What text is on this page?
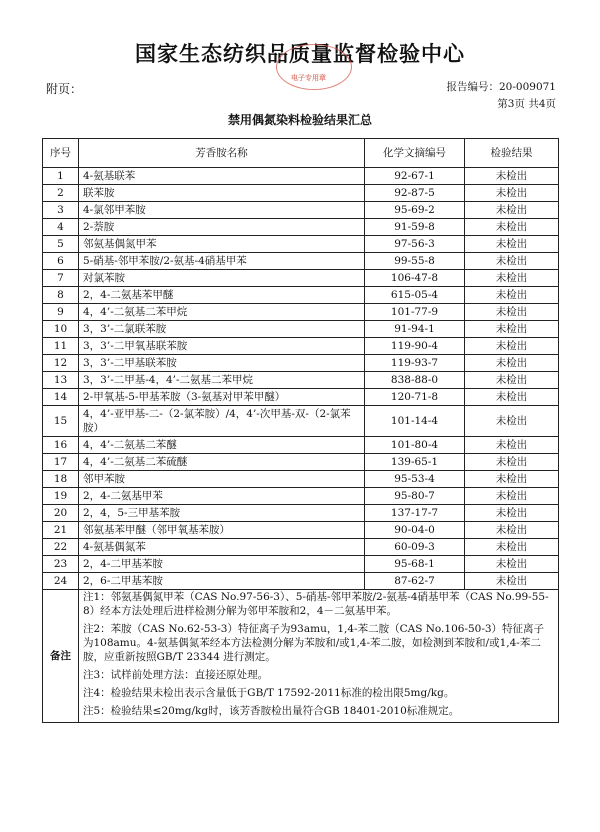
国家生态纺织品质量监督检验中心
电子专用章
附页：	报告编号：20-009071
第3页 共4页
禁用偶氮染料检验结果汇总
序号	芳香胺名称	化学文摘编号	检验结果
1	4-氨基联苯	92-67-1	未检出
2	联苯胺	92-87-5	未检出
3	4-氯邻甲苯胺	95-69-2	未检出
4	2-萘胺	91-59-8	未检出
5	邻氨基偶氮甲苯	97-56-3	未检出
6	5-硝基-邻甲苯胺/2-氨基-4硝基甲苯	99-55-8	未检出
7	对氯苯胺	106-47-8	未检出
8	2，4-二氨基苯甲醚	615-05-4	未检出
9	4，4’-二氨基二苯甲烷	101-77-9	未检出
10	3，3’-二氯联苯胺	91-94-1	未检出
11	3，3’-二甲氧基联苯胺	119-90-4	未检出
12	3，3’-二甲基联苯胺	119-93-7	未检出
13	3，3’-二甲基-4，4’-二氨基二苯甲烷	838-88-0	未检出
14	2-甲氧基-5-甲基苯胺（3-氨基对甲苯甲醚）	120-71-8	未检出
15	4，4’-亚甲基-二-（2-氯苯胺）/4，4’-次甲基-双-（2-氯苯胺）	101-14-4	未检出
16	4，4’-二氨基二苯醚	101-80-4	未检出
17	4，4’-二氨基二苯硫醚	139-65-1	未检出
18	邻甲苯胺	95-53-4	未检出
19	2，4-二氨基甲苯	95-80-7	未检出
20	2，4，5-三甲基苯胺	137-17-7	未检出
21	邻氨基苯甲醚（邻甲氧基苯胺）	90-04-0	未检出
22	4-氨基偶氮苯	60-09-3	未检出
23	2，4-二甲基苯胺	95-68-1	未检出
24	2，6-二甲基苯胺	87-62-7	未检出
备注	注1：邻氨基偶氮甲苯（CAS No.97-56-3）、5-硝基-邻甲苯胺/2-氨基-4硝基甲苯（CAS No.99-55-8）经本方法处理后进样检测分解为邻甲苯胺和2，4－二氨基甲苯。
注2：苯胺（CAS No.62-53-3）特征离子为93amu，1,4-苯二胺（CAS No.106-50-3）特征离子为108amu。4-氨基偶氮苯经本方法检测分解为苯胺和/或1,4-苯二胺，如检测到苯胺和/或1,4-苯二胺，应重新按照GB/T 23344 进行测定。
注3：试样前处理方法：直接还原处理。
注4：检验结果未检出表示含量低于GB/T 17592-2011标准的检出限5mg/kg。
注5：检验结果≤20mg/kg时，该芳香胺检出量符合GB 18401-2010标准规定。		
